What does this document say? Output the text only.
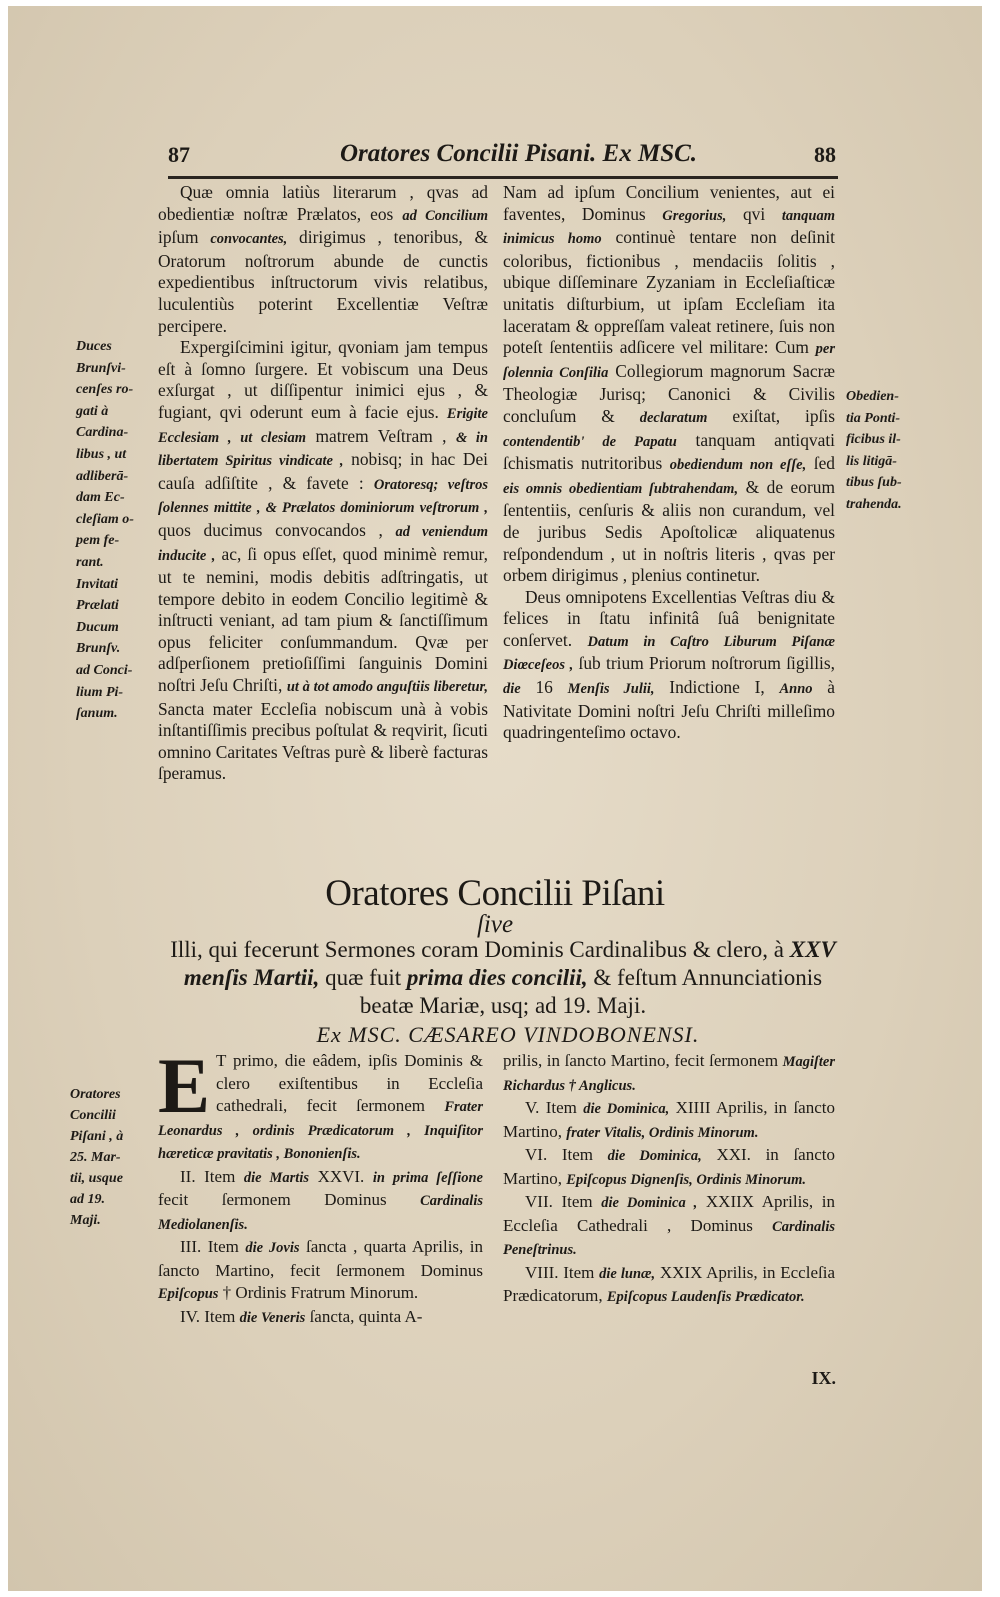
87	Oratores Concilii Pisani. Ex MSC.	88

Quæ omnia latiùs literarum , qvas ad obedientiæ noſtræ Prælatos, eos ad Concilium ipſum convocantes, dirigimus , tenoribus, & Oratorum noſtrorum abunde de cunctis expedientibus inſtructorum vivis relatibus, luculentiùs poterint Excellentiæ Veſtræ percipere.

Expergiſcimini igitur, qvoniam jam tempus eſt à ſomno ſurgere. Et vobiscum una Deus exſurgat , ut diſſipentur inimici ejus , & fugiant, qvi oderunt eum à facie ejus. Erigite Ecclesiam , ut clesiam matrem Veſtram , & in libertatem Spiritus vindicate , nobisq; in hac Dei cauſa adſiſtite , & favete : Oratoresq; veſtros ſolennes mittite , & Prælatos dominiorum veſtrorum , quos ducimus convocandos , ad veniendum inducite , ac, ſi opus eſſet, quod minimè remur, ut te nemini, modis debitis adſtringatis, ut tempore debito in eodem Concilio legitimè & inſtructi veniant, ad tam pium & ſanctiſſimum opus feliciter conſummandum. Qvæ per adſperſionem pretioſiſſimi ſanguinis Domini noſtri Jeſu Chriſti, ut à tot amodo anguſtiis liberetur, Sancta mater Eccleſia nobiscum unà à vobis inſtantiſſimis precibus poſtulat & reqvirit, ſicuti omnino Caritates Veſtras purè & liberè facturas ſperamus.

Duces
Brunſvi-
cenſes ro-
gati à
Cardina-
libus , ut
adliberā-
dam Ec-
cleſiam o-
pem fe-
rant.
Invitati
Prælati
Ducum
Brunſv.
ad Conci-
lium Pi-
ſanum.

Nam ad ipſum Concilium venientes, aut ei faventes, Dominus Gregorius, qvi tanquam inimicus homo continuè tentare non deſinit coloribus, fictionibus , mendaciis ſolitis , ubique diſſeminare Zyzaniam in Eccleſiaſticæ unitatis diſturbium, ut ipſam Eccleſiam ita laceratam & oppreſſam valeat retinere, ſuis non poteſt ſententiis adſicere vel militare: Cum per ſolennia Conſilia Collegiorum magnorum Sacræ Theologiæ Jurisq; Canonici & Civilis concluſum & declaratum exiſtat, ipſis contendentib' de Papatu tanquam antiqvati ſchismatis nutritoribus obediendum non eſſe, ſed eis omnis obedientiam ſubtrahendam, & de eorum ſententiis, cenſuris & aliis non curandum, vel de juribus Sedis Apoſtolicæ aliquatenus reſpondendum , ut in noſtris literis , qvas per orbem dirigimus , plenius continetur.

Deus omnipotens Excellentias Veſtras diu & felices in ſtatu infinitâ ſuâ benignitate conſervet. Datum in Caſtro Liburum Piſanæ Diœceſeos , ſub trium Priorum noſtrorum ſigillis, die 16 Menſis Julii, Indictione I, Anno à Nativitate Domini noſtri Jeſu Chriſti milleſimo quadringenteſimo octavo.

Obedien-
tia Ponti-
ficibus il-
lis litigā-
tibus ſub-
trahenda.
Oratores Concilii Piſani
ſive
Illi, qui fecerunt Sermones coram Dominis Cardinalibus & clero, à XXV menſis Martii, quæ fuit prima dies concilii, & feſtum Annunciationis beatæ Mariæ, usq; ad 19. Maji.
Ex MSC. CÆSAREO VINDOBONENSI.
Oratores
Concilii
Piſani , à
25. Mar-
tii, usque
ad 19.
Maji.

E T primo, die eâdem, ipſis Dominis & clero exiſtentibus in Eccleſia cathedrali, fecit ſermonem Frater Leonardus , ordinis Prædicatorum , Inquiſitor hæreticæ pravitatis , Bononienſis.

II. Item die Martis XXVI. in prima ſeſſione fecit ſermonem Dominus Cardinalis Mediolanenſis.

III. Item die Jovis ſancta , quarta Aprilis, in ſancto Martino, fecit ſermonem Dominus Epiſcopus † Ordinis Fratrum Minorum.

IV. Item die Veneris ſancta, quinta A-

prilis, in ſancto Martino, fecit ſermonem Magiſter Richardus † Anglicus.

V. Item die Dominica, XIIII Aprilis, in ſancto Martino, frater Vitalis, Ordinis Minorum.

VI. Item die Dominica, XXI. in ſancto Martino, Epiſcopus Dignenſis, Ordinis Minorum.

VII. Item die Dominica , XXIIX Aprilis, in Eccleſia Cathedrali , Dominus Cardinalis Peneſtrinus.

VIII. Item die lunæ, XXIX Aprilis, in Eccleſia Prædicatorum, Epiſcopus Laudenſis Prædicator.

IX.
